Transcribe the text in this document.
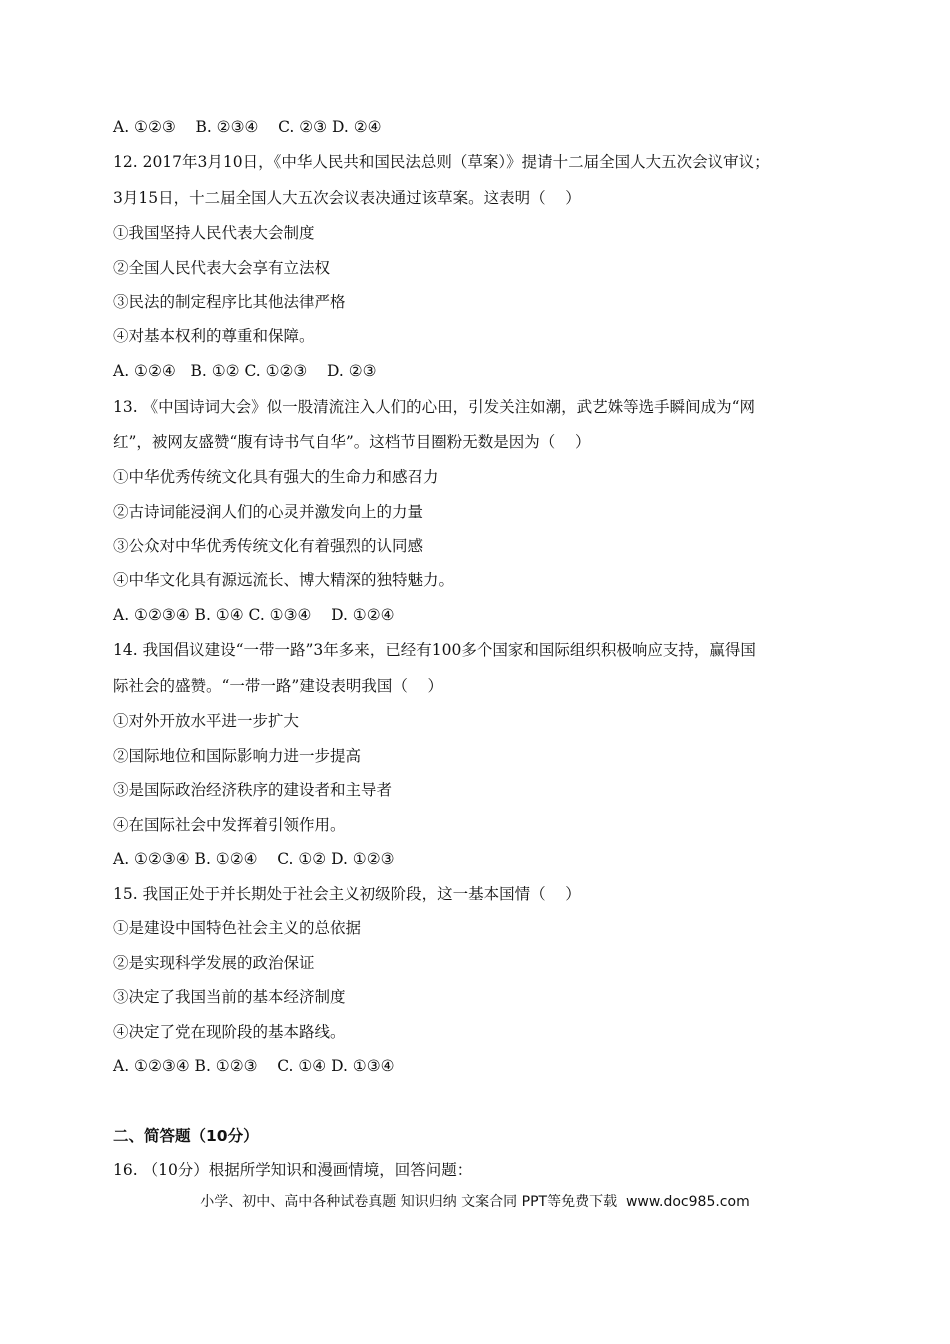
A. ①②③    B. ②③④    C. ②③ D. ②④
12. 2017年3月10日，《中华人民共和国民法总则（草案）》提请十二届全国人大五次会议审议；
3月15日，十二届全国人大五次会议表决通过该草案。这表明（    ）
①我国坚持人民代表大会制度
②全国人民代表大会享有立法权
③民法的制定程序比其他法律严格
④对基本权利的尊重和保障。
A. ①②④   B. ①② C. ①②③    D. ②③
13. 《中国诗词大会》似一股清流注入人们的心田，引发关注如潮，武艺姝等选手瞬间成为“网
红”，被网友盛赞“腹有诗书气自华”。这档节目圈粉无数是因为（    ）
①中华优秀传统文化具有强大的生命力和感召力
②古诗词能浸润人们的心灵并激发向上的力量
③公众对中华优秀传统文化有着强烈的认同感
④中华文化具有源远流长、博大精深的独特魅力。
A. ①②③④ B. ①④ C. ①③④    D. ①②④
14. 我国倡议建设“一带一路”3年多来，已经有100多个国家和国际组织积极响应支持，赢得国
际社会的盛赞。“一带一路”建设表明我国（    ）
①对外开放水平进一步扩大
②国际地位和国际影响力进一步提高
③是国际政治经济秩序的建设者和主导者
④在国际社会中发挥着引领作用。
A. ①②③④ B. ①②④    C. ①② D. ①②③
15. 我国正处于并长期处于社会主义初级阶段，这一基本国情（    ）
①是建设中国特色社会主义的总依据
②是实现科学发展的政治保证
③决定了我国当前的基本经济制度
④决定了党在现阶段的基本路线。
A. ①②③④ B. ①②③    C. ①④ D. ①③④
二、简答题（10分）
16. （10分）根据所学知识和漫画情境，回答问题：
小学、初中、高中各种试卷真题 知识归纳 文案合同 PPT等免费下载  www.doc985.com
